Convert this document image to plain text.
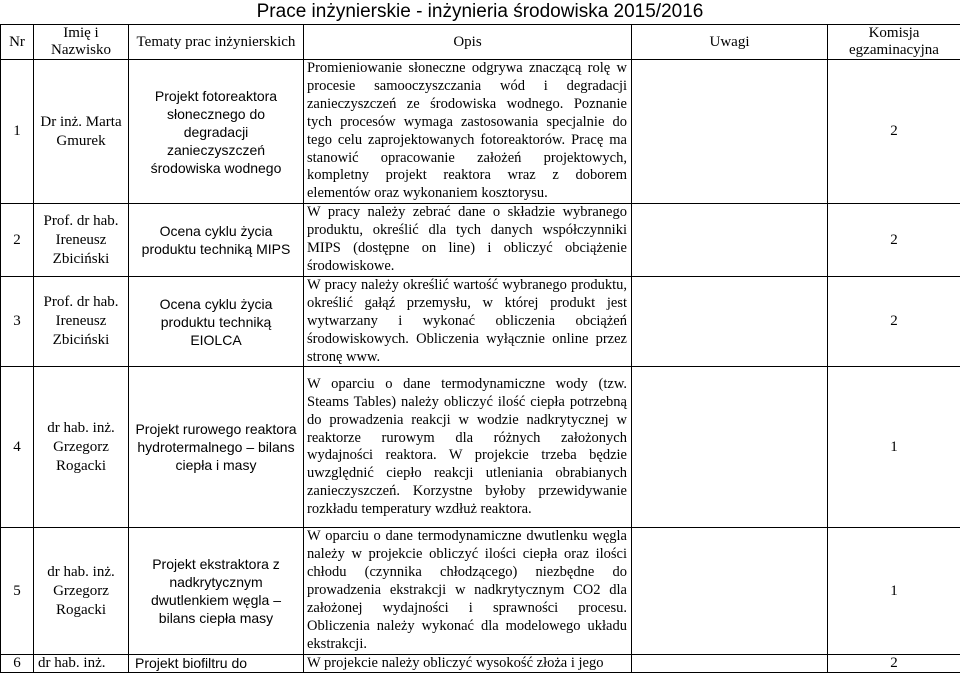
Prace inżynierskie - inżynieria środowiska 2015/2016
Nr	Imię i Nazwisko	Tematy prac inżynierskich	Opis	Uwagi	Komisja egzaminacyjna
1	Dr inż. Marta Gmurek	Projekt fotoreaktora słonecznego do degradacji zanieczyszczeń środowiska wodnego	Promieniowanie słoneczne odgrywa znaczącą rolę w procesie samooczyszczania wód i degradacji zanieczyszczeń ze środowiska wodnego. Poznanie tych procesów wymaga zastosowania specjalnie do tego celu zaprojektowanych fotoreaktorów. Pracę ma stanowić opracowanie założeń projektowych, kompletny projekt reaktora wraz z doborem elementów oraz wykonaniem kosztorysu.		2
2	Prof. dr hab. Ireneusz Zbiciński	Ocena cyklu życia produktu techniką MIPS	W pracy należy zebrać dane o składzie wybranego produktu, określić dla tych danych współczynniki MIPS (dostępne on line) i obliczyć obciążenie środowiskowe.		2
3	Prof. dr hab. Ireneusz Zbiciński	Ocena cyklu życia produktu techniką EIOLCA	W pracy należy określić wartość wybranego produktu, określić gałąź przemysłu, w której produkt jest wytwarzany i wykonać obliczenia obciążeń środowiskowych. Obliczenia wyłącznie online przez stronę www.		2
4	dr hab. inż. Grzegorz Rogacki	Projekt rurowego reaktora hydrotermalnego – bilans ciepła i masy	W oparciu o dane termodynamiczne wody (tzw. Steams Tables) należy obliczyć ilość ciepła potrzebną do prowadzenia reakcji w wodzie nadkrytycznej w reaktorze rurowym dla różnych założonych wydajności reaktora. W projekcie trzeba będzie uwzględnić ciepło reakcji utleniania obrabianych zanieczyszczeń. Korzystne byłoby przewidywanie rozkładu temperatury wzdłuż reaktora.		1
5	dr hab. inż. Grzegorz Rogacki	Projekt ekstraktora z nadkrytycznym dwutlenkiem węgla – bilans ciepła masy	W oparciu o dane termodynamiczne dwutlenku węgla należy w projekcie obliczyć ilości ciepła oraz ilości chłodu (czynnika chłodzącego) niezbędne do prowadzenia ekstrakcji w nadkrytycznym CO2 dla założonej wydajności i sprawności procesu. Obliczenia należy wykonać dla modelowego układu ekstrakcji.		1
6	dr hab. inż.	Projekt biofiltru do	W projekcie należy obliczyć wysokość złoża i jego		2
